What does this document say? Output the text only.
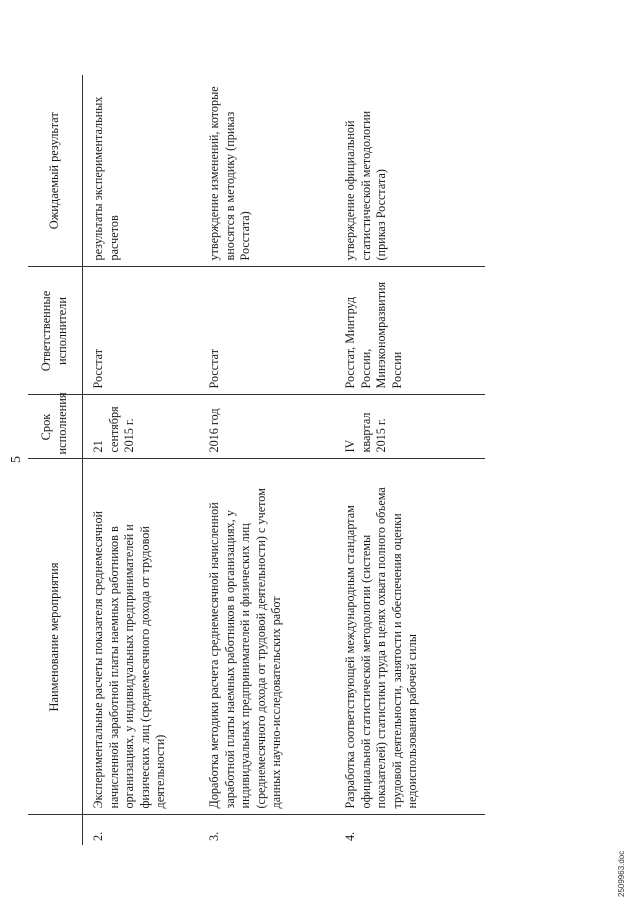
5
	Наименование мероприятия	Срок исполнения	Ответственные исполнители	Ожидаемый результат
2.	Экспериментальные расчеты показателя среднемесячной начисленной заработной платы наемных работников в организациях, у индивидуальных предпринимателей и физических лиц (среднемесячного дохода от трудовой деятельности)	21 сентября 2015 г.	Росстат	результаты экспериментальных расчетов
3.	Доработка методики расчета среднемесячной начисленной заработной платы наемных работников в организациях, у индивидуальных предпринимателей и физических лиц (среднемесячного дохода от трудовой деятельности) с учетом данных научно-исследовательских работ	2016 год	Росстат	утверждение изменений, которые вносятся в методику (приказ Росстата)
4.	Разработка соответствующей международным стандартам официальной статистической методологии (системы показателей) статистики труда в целях охвата полного объема трудовой деятельности, занятости и обеспечения оценки недоиспользования рабочей силы	IV квартал 2015 г.	Росстат, Минтруд России, Минэкономразвития России	утверждение официальной статистической методологии (приказ Росстата)
2509963.doc
